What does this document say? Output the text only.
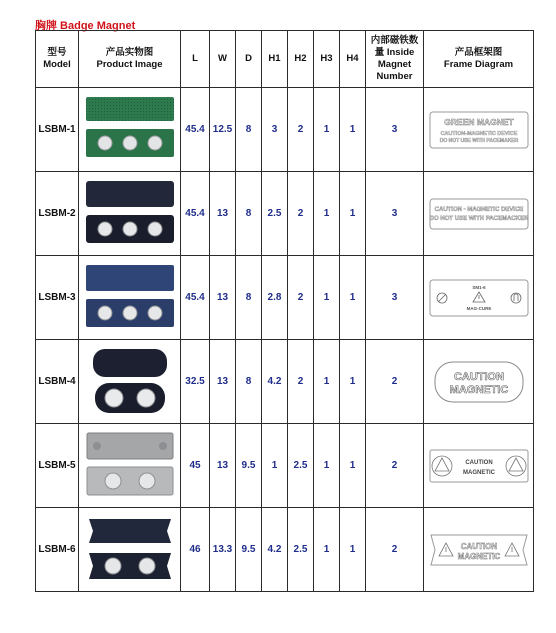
胸牌 Badge Magnet
型号
Model	产品实物图
Product Image	L	W	D	H1	H2	H3	H4	内部磁铁数
量 Inside
Magnet
Number	产品框架图
Frame Diagram

LSBM-1		45.4	12.5	8	3	2	1	1	3	GREEN MAGNET
CAUTION-MAGNETIC DEVICE
DO NOT USE WITH PACEMAKER

LSBM-2		45.4	13	8	2.5	2	1	1	3	CAUTION - MAGNETIC DEVICE
DO NOT USE WITH PACEMACKER

LSBM-3		45.4	13	8	2.8	2	1	1	3	SM1-6
MAG-CURE

LSBM-4		32.5	13	8	4.2	2	1	1	2	CAUTION
MAGNETIC

LSBM-5		45	13	9.5	1	2.5	1	1	2	CAUTION
MAGNETIC

LSBM-6		46	13.3	9.5	4.2	2.5	1	1	2	CAUTION
MAGNETIC
